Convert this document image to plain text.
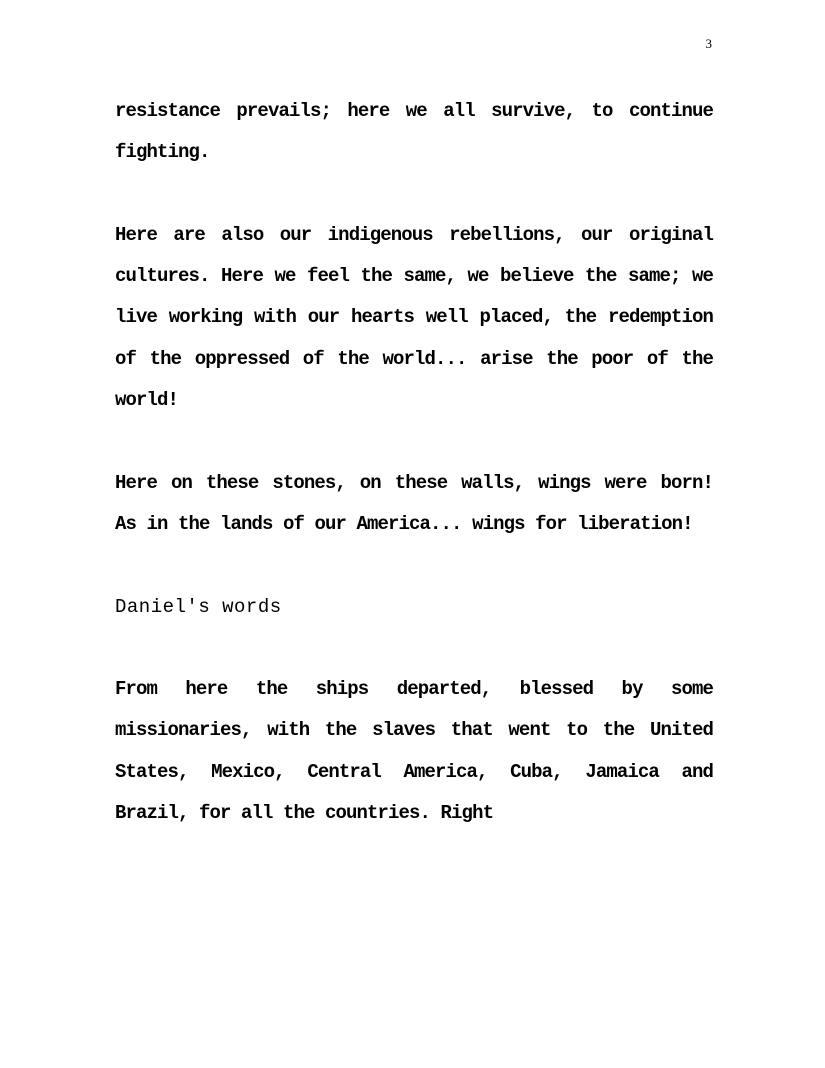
3

resistance prevails; here we all survive, to continue fighting.

Here are also our indigenous rebellions, our original cultures. Here we feel the same, we believe the same; we live working with our hearts well placed, the redemption of the oppressed of the world... arise the poor of the world!

Here on these stones, on these walls, wings were born! As in the lands of our America... wings for liberation!

Daniel's words

From here the ships departed, blessed by some missionaries, with the slaves that went to the United States, Mexico, Central America, Cuba, Jamaica and Brazil, for all the countries. Right
